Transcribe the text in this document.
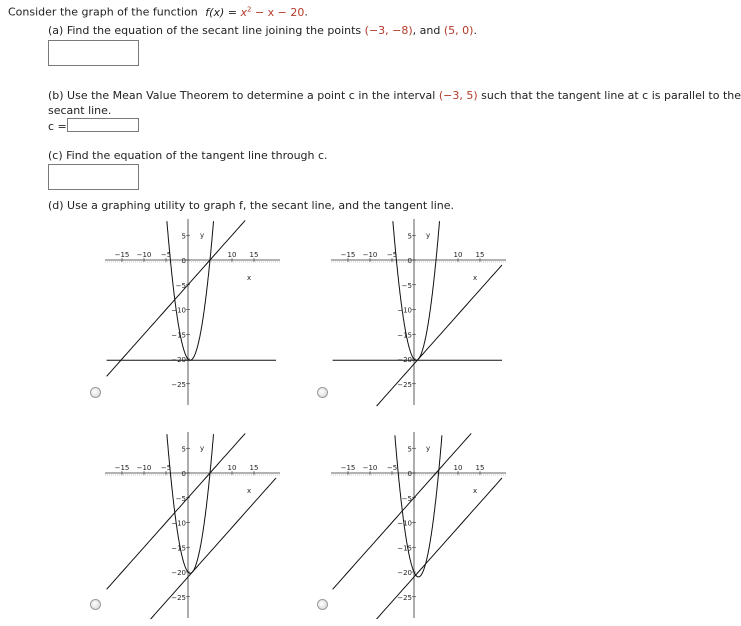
Consider the graph of the function $f(x) = x^2 - x - 20$.
(a) Find the equation of the secant line joining the points (−3, −8), and (5, 0).
(b) Use the Mean Value Theorem to determine a point c in the interval (−3, 5) such that the tangent line at c is parallel to the
secant line.
c =
(c) Find the equation of the tangent line through c.
(d) Use a graphing utility to graph f, the secant line, and the tangent line.
−15 −10 −5	10 15
5
0
−5
−10
−15
−20
−25
x
y
−15 −10 −5	10 15
5
0
−5
−10
−15
−20
−25
x
y
−15 −10 −5	10 15
5
0
−5
−10
−15
−20
−25
x
y
−15 −10 −5	10 15
5
0
−5
−10
−15
−20
−25
x
y
